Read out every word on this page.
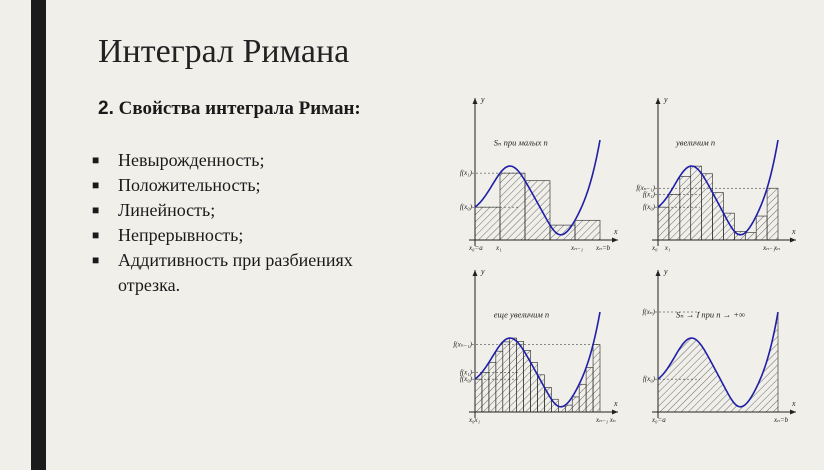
Интеграл Римана
2. Свойства интеграла Риман:
■ Невырожденность;
■ Положительность;
■ Линейность;
■ Непрерывность;
■ Аддитивность при разбиениях отрезка.
x
y
f(x₁)
f(x₀)
x₀=a x₁	xₙ₋₁ xₙ=b
Sₙ при малых n
x
y
f(xₙ₋₁)
f(x₁)
f(x₀)
x₀ x₁	xₙ₋₁
xₙ
увеличим n
x
y
f(xₙ₋₁)
f(x₁)
f(x₀)
x₀x₁	xₙ₋₁ xₙ
еще увеличим n
x
y
f(xₙ)
f(x₀)
x₀=a	xₙ=b
Sₙ → I при n → +∞
